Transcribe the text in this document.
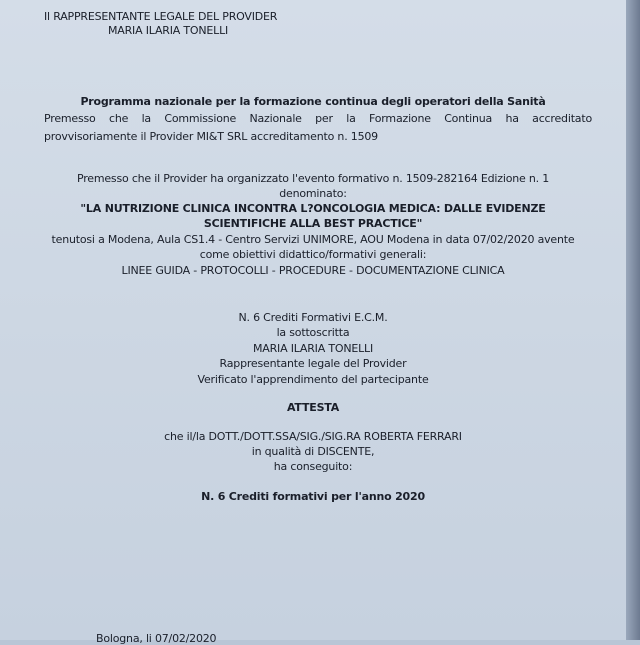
Il RAPPRESENTANTE LEGALE DEL PROVIDER
MARIA ILARIA TONELLI
Programma nazionale per la formazione continua degli operatori della Sanità
Premesso che la Commissione Nazionale per la Formazione Continua ha accreditato
provvisoriamente il Provider MI&T SRL accreditamento n. 1509
Premesso che il Provider ha organizzato l'evento formativo n. 1509-282164 Edizione n. 1
denominato:
"LA NUTRIZIONE CLINICA INCONTRA L?ONCOLOGIA MEDICA: DALLE EVIDENZE
SCIENTIFICHE ALLA BEST PRACTICE"
tenutosi a Modena, Aula CS1.4 - Centro Servizi UNIMORE, AOU Modena in data 07/02/2020 avente
come obiettivi didattico/formativi generali:
LINEE GUIDA - PROTOCOLLI - PROCEDURE - DOCUMENTAZIONE CLINICA
N. 6 Crediti Formativi E.C.M.
la sottoscritta
MARIA ILARIA TONELLI
Rappresentante legale del Provider
Verificato l'apprendimento del partecipante
ATTESTA
che il/la DOTT./DOTT.SSA/SIG./SIG.RA ROBERTA FERRARI
in qualità di DISCENTE,
ha conseguito:
N. 6 Crediti formativi per l'anno 2020
Bologna, li 07/02/2020
